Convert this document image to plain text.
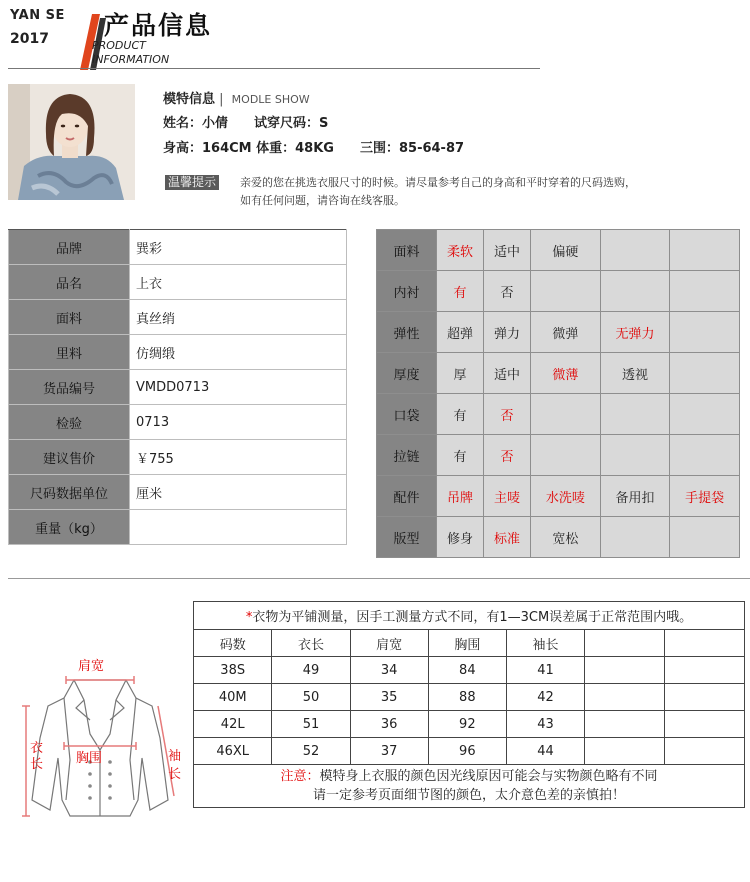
YAN SE
2017 产品信息
PRODUCT
INFORMATION
模特信息 | MODLE SHOW
姓名：小倩　　试穿尺码：S
身高：164CM 体重：48KG　　三围：85-64-87
温馨提示 亲爱的您在挑选衣服尺寸的时候。请尽量参考自己的身高和平时穿着的尺码选购，
如有任何问题，请咨询在线客服。
品牌	巽彩
品名	上衣
面料	真丝绡
里料	仿绸缎
货品编号	VMDD0713
检验	0713
建议售价	￥755
尺码数据单位	厘米
重量（kg）	
面料	柔软	适中	偏硬		
内衬	有	否			
弹性	超弹	弹力	微弹	无弹力	
厚度	厚	适中	微薄	透视	
口袋	有	否			
拉链	有	否			
配件	吊牌	主唛	水洗唛	备用扣	手提袋
版型	修身	标准	宽松		
肩宽
衣
长	胸围	袖
长
*衣物为平铺测量，因手工测量方式不同，有1—3CM误差属于正常范围内哦。						
码数	衣长	肩宽	胸围	袖长		
38S	49	34	84	41		
40M	50	35	88	42		
42L	51	36	92	43		
46XL	52	37	96	44		

注意：模特身上衣服的颜色因光线原因可能会与实物颜色略有不同
请一定参考页面细节图的颜色，太介意色差的亲慎拍！						
